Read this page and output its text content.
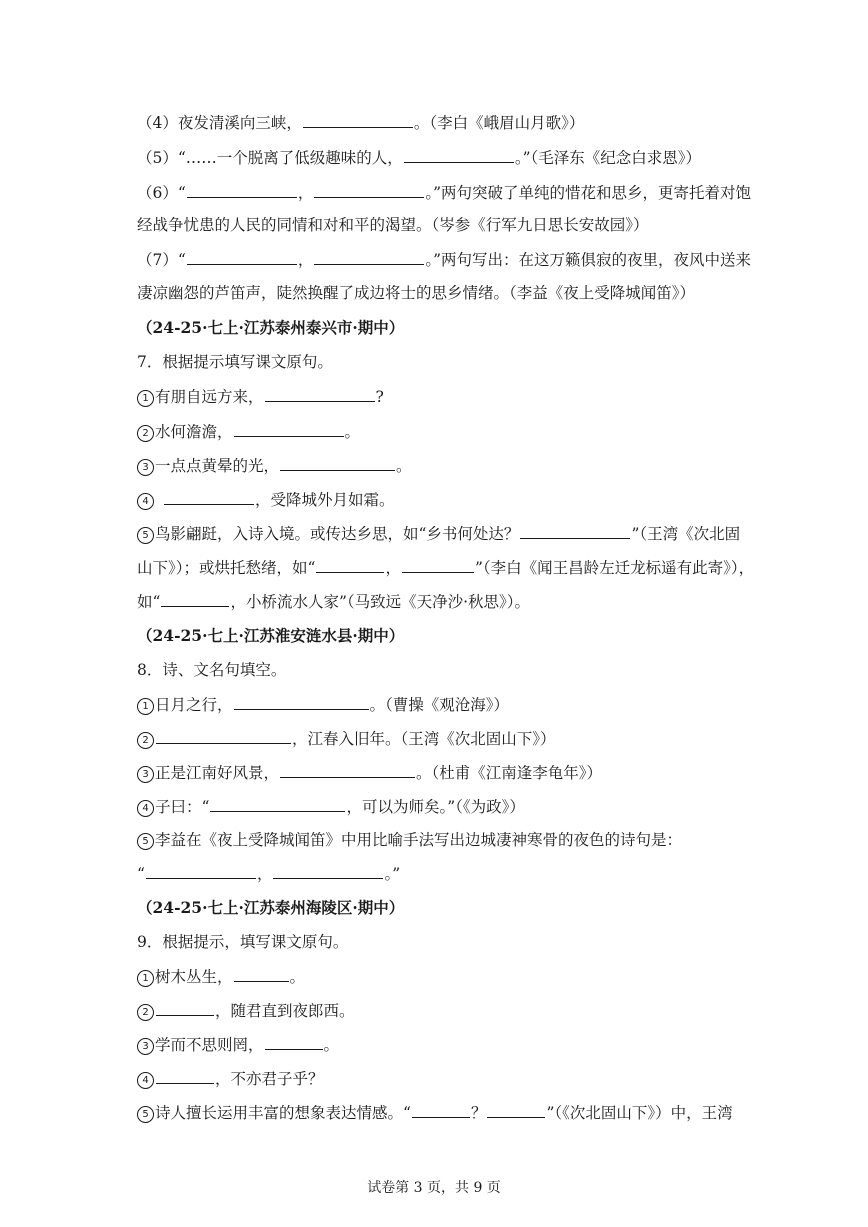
（4）夜发清溪向三峡，	。（李白《峨眉山月歌》）
（5）“……一个脱离了低级趣味的人，	。”（毛泽东《纪念白求恩》）
（6）“	，	。”两句突破了单纯的惜花和思乡，更寄托着对饱
经战争忧患的人民的同情和对和平的渴望。（岑参《行军九日思长安故园》）
（7）“	，	。”两句写出：在这万籁俱寂的夜里，夜风中送来
凄凉幽怨的芦笛声，陡然换醒了成边将士的思乡情绪。（李益《夜上受降城闻笛》）
（24-25·七上·江苏泰州泰兴市·期中）
7．根据提示填写课文原句。
1 有朋自远方来，	?
2 水何澹澹，	。
3 一点点黄晕的光，	。
4	，受降城外月如霜。
5 鸟影翩跹，入诗入境。或传达乡思，如“乡书何处达？	”（王湾《次北固
山下》）；或烘托愁绪，如“	，	”（李白《闻王昌龄左迁龙标遥有此寄》），
如“	，小桥流水人家”（马致远《天净沙·秋思》）。
（24-25·七上·江苏淮安涟水县·期中）
8．诗、文名句填空。
1 日月之行，	。（曹操《观沧海》）
2	，江春入旧年。（王湾《次北固山下》）
3 正是江南好风景，	。（杜甫《江南逢李龟年》）
4 子曰：“	，可以为师矣。”（《为政》）
5 李益在《夜上受降城闻笛》中用比喻手法写出边城凄神寒骨的夜色的诗句是：
“	，	。”
（24-25·七上·江苏泰州海陵区·期中）
9．根据提示，填写课文原句。
1 树木丛生，	。
2	，随君直到夜郎西。
3 学而不思则罔，	。
4	，不亦君子乎？
5 诗人擅长运用丰富的想象表达情感。“	？	”（《次北固山下》）中，王湾
试卷第 3 页，共 9 页
